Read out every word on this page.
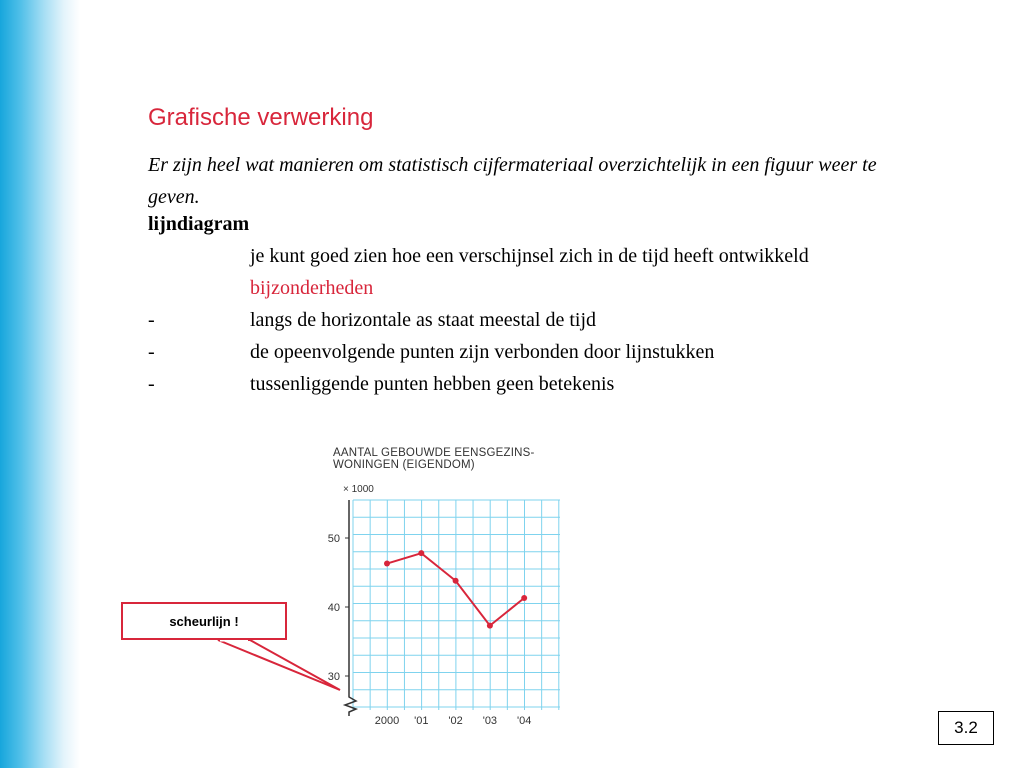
Grafische verwerking
Er zijn heel wat manieren om statistisch cijfermateriaal overzichtelijk in een figuur weer te geven.
lijndiagram
je kunt goed zien hoe een verschijnsel zich in de tijd heeft ontwikkeld
bijzonderheden
-	langs de horizontale as staat meestal de tijd
-	de opeenvolgende punten zijn verbonden door lijnstukken
-	tussenliggende punten hebben geen betekenis
AANTAL GEBOUWDE EENSGEZINS-
WONINGEN (EIGENDOM)
× 1000
30
40
50
2000 '01 '02 '03 '04
scheurlijn !
3.2
